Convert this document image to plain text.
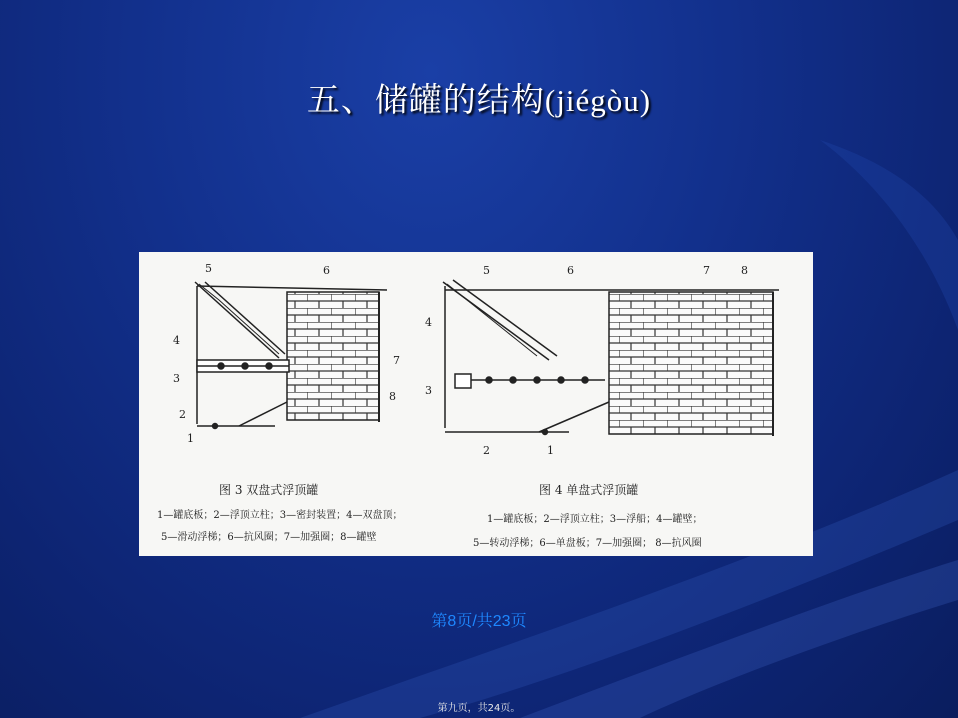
五、储罐的结构(jiégòu)
1
2
3
4
5	6
7
8
1
2
3
4
5	6	7	8
图 3 双盘式浮顶罐
1—罐底板；2—浮顶立柱；3—密封装置；4—双盘顶；
5—滑动浮梯；6—抗风圈；7—加强圈；8—罐壁
图 4 单盘式浮顶罐
1—罐底板；2—浮顶立柱；3—浮船；4—罐壁；
5—转动浮梯；6—单盘板；7—加强圈； 8—抗风圈
第8页/共23页
第九页，共24页。
